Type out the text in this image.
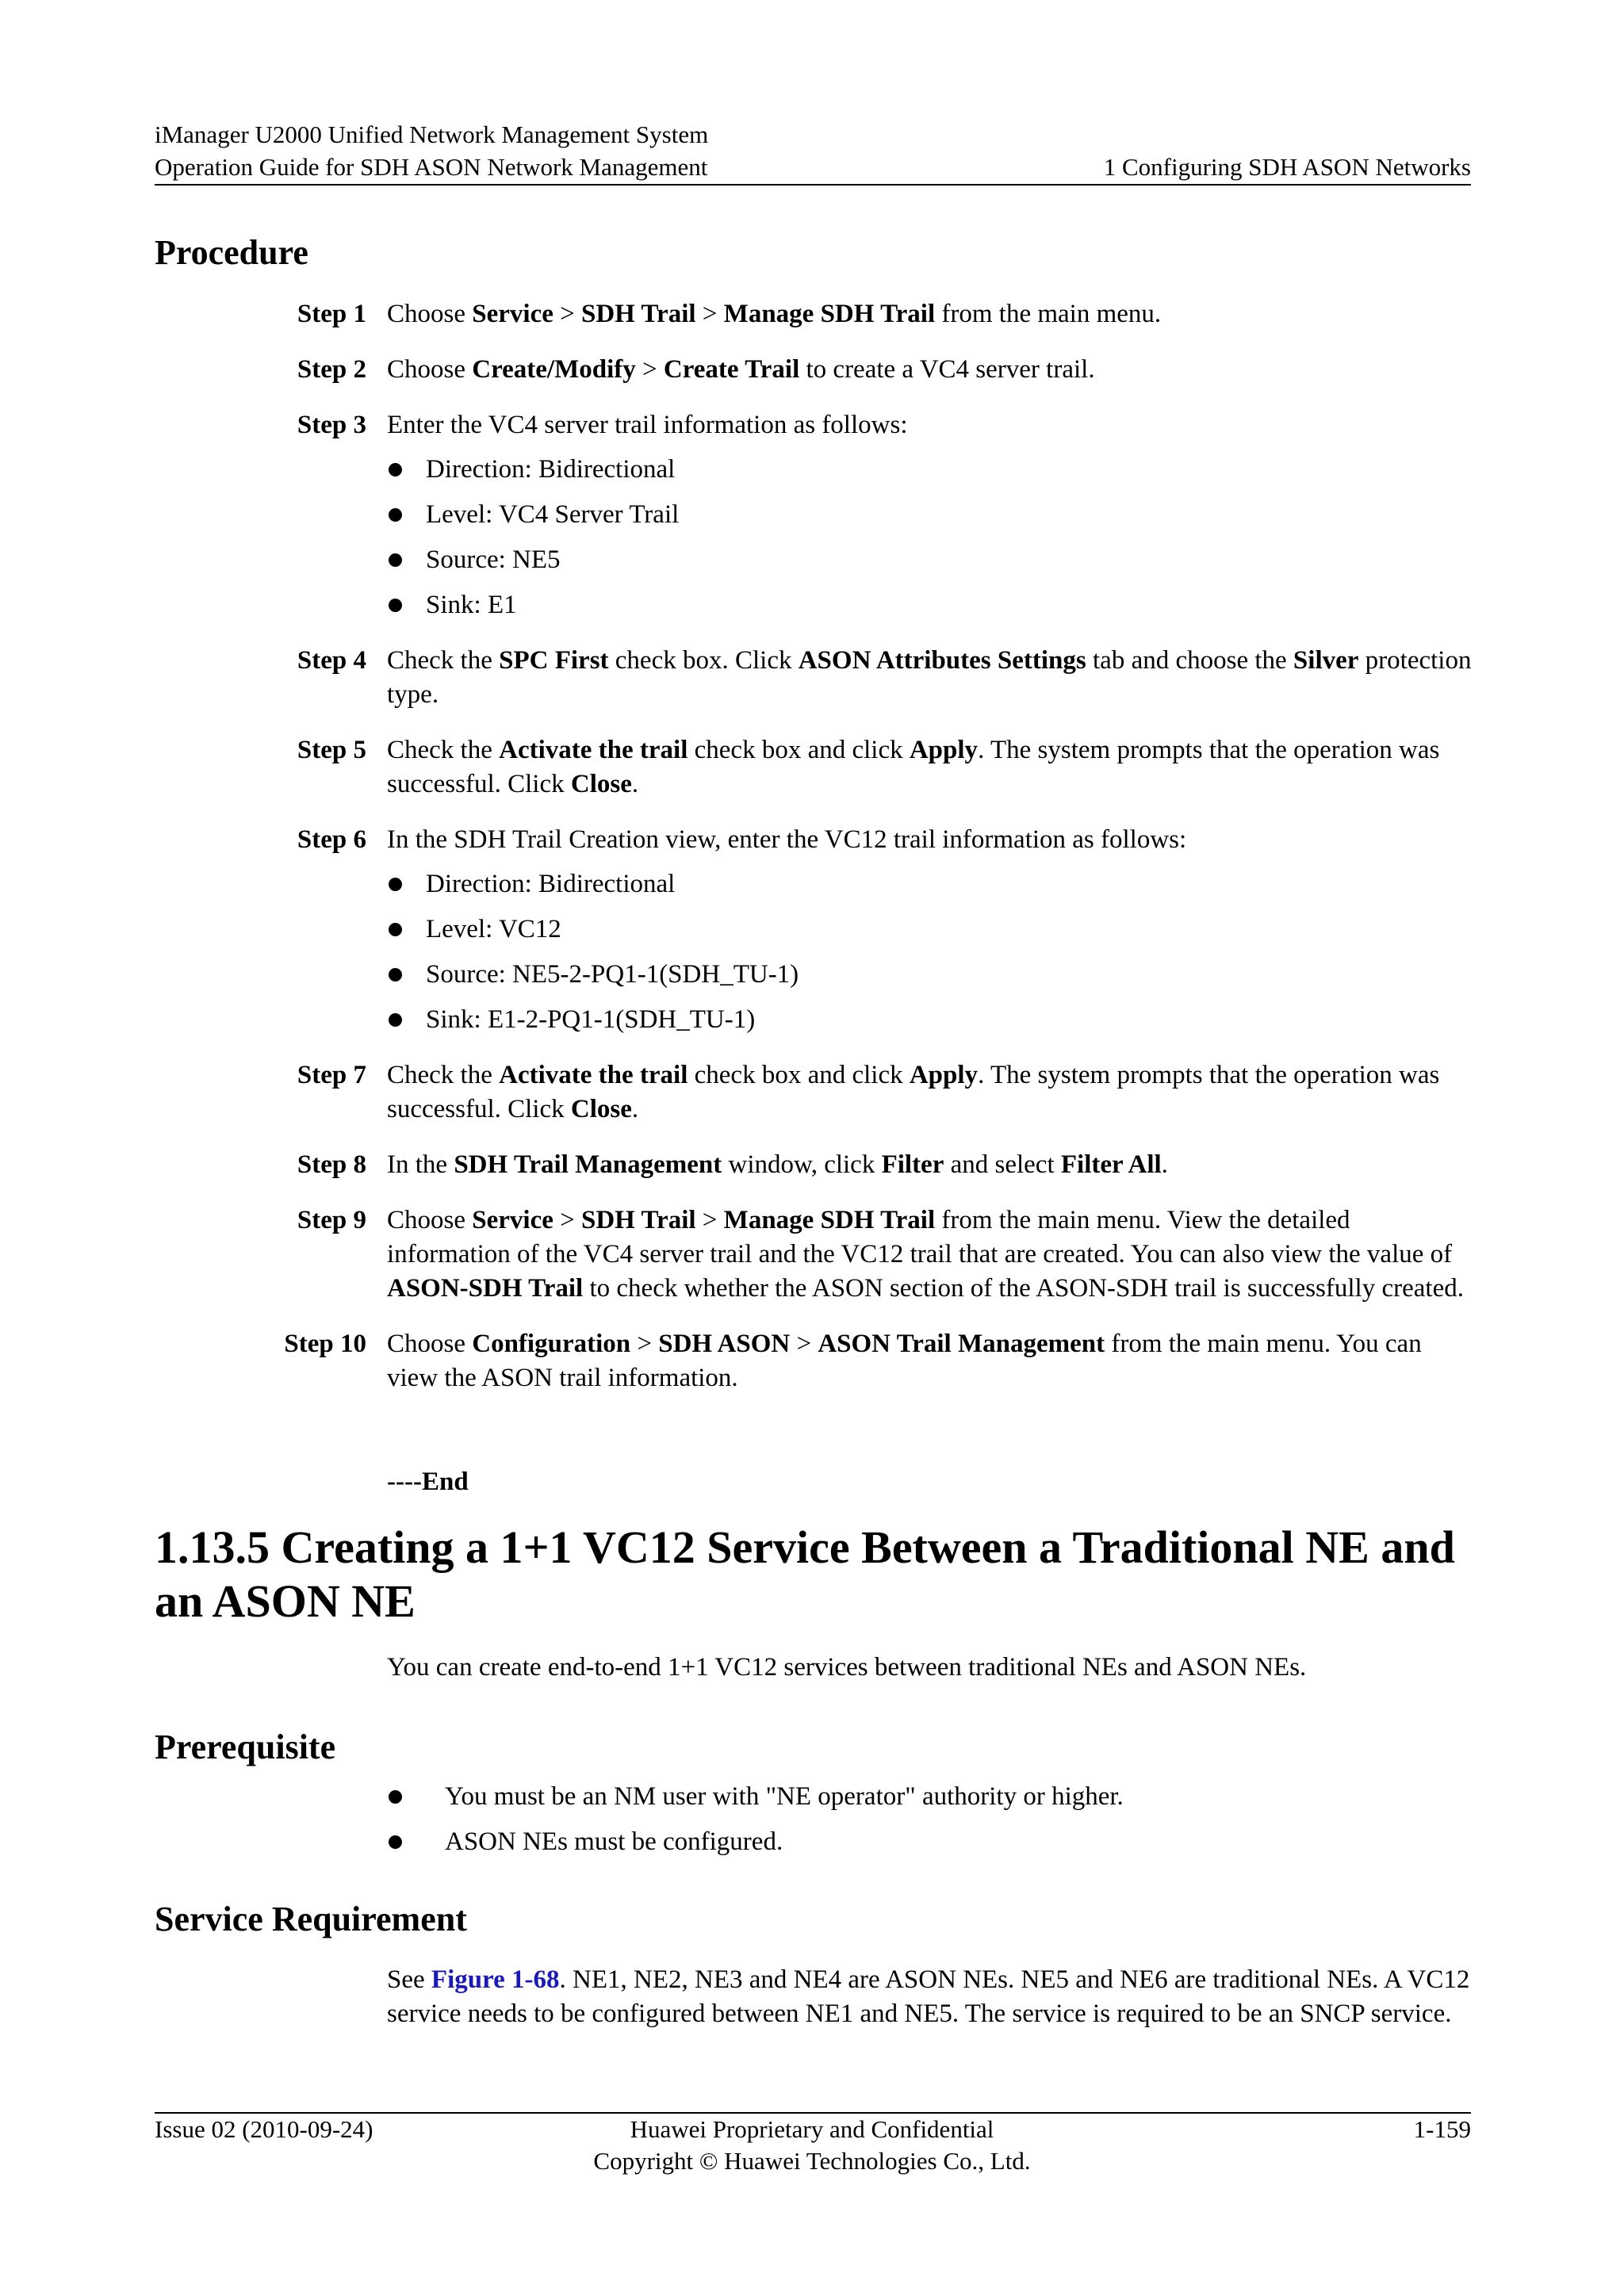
iManager U2000 Unified Network Management System
Operation Guide for SDH ASON Network Management	1 Configuring SDH ASON Networks
Procedure
Step 1 Choose Service > SDH Trail > Manage SDH Trail from the main menu.
Step 2 Choose Create/Modify > Create Trail to create a VC4 server trail.
Step 3 Enter the VC4 server trail information as follows:
Direction: Bidirectional
Level: VC4 Server Trail
Source: NE5
Sink: E1
Step 4 Check the SPC First check box. Click ASON Attributes Settings tab and choose the Silver protection type.
Step 5 Check the Activate the trail check box and click Apply. The system prompts that the operation was successful. Click Close.
Step 6 In the SDH Trail Creation view, enter the VC12 trail information as follows:
Direction: Bidirectional
Level: VC12
Source: NE5-2-PQ1-1(SDH_TU-1)
Sink: E1-2-PQ1-1(SDH_TU-1)
Step 7 Check the Activate the trail check box and click Apply. The system prompts that the operation was successful. Click Close.
Step 8 In the SDH Trail Management window, click Filter and select Filter All.
Step 9 Choose Service > SDH Trail > Manage SDH Trail from the main menu. View the detailed information of the VC4 server trail and the VC12 trail that are created. You can also view the value of ASON-SDH Trail to check whether the ASON section of the ASON-SDH trail is successfully created.
Step 10 Choose Configuration > SDH ASON > ASON Trail Management from the main menu. You can view the ASON trail information.
----End
1.13.5 Creating a 1+1 VC12 Service Between a Traditional NE and an ASON NE
You can create end-to-end 1+1 VC12 services between traditional NEs and ASON NEs.
Prerequisite
You must be an NM user with "NE operator" authority or higher.
ASON NEs must be configured.
Service Requirement
See Figure 1-68. NE1, NE2, NE3 and NE4 are ASON NEs. NE5 and NE6 are traditional NEs. A VC12 service needs to be configured between NE1 and NE5. The service is required to be an SNCP service.
Issue 02 (2010-09-24)	Huawei Proprietary and Confidential
Copyright © Huawei Technologies Co., Ltd.
1-159
